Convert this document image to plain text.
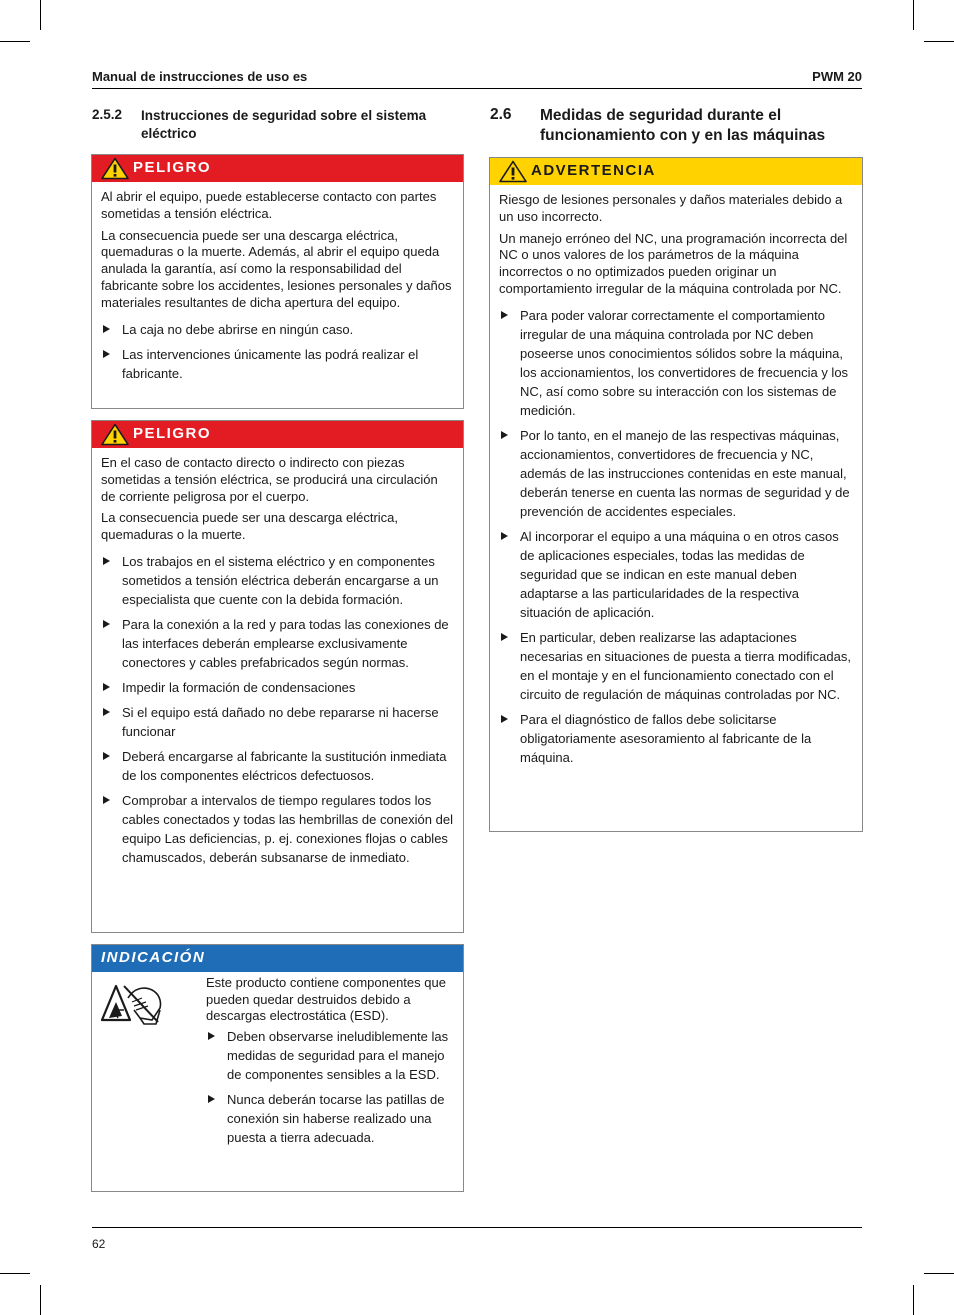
Manual de instrucciones de uso es	PWM 20
2.5.2 Instrucciones de seguridad sobre el sistema eléctrico
PELIGRO

Al abrir el equipo, puede establecerse contacto con partes sometidas a tensión eléctrica.

La consecuencia puede ser una descarga eléctrica, quemaduras o la muerte. Además, al abrir el equipo queda anulada la garantía, así como la responsabilidad del fabricante sobre los accidentes, lesiones personales y daños materiales resultantes de dicha apertura del equipo.

La caja no debe abrirse en ningún caso.
Las intervenciones únicamente las podrá realizar el fabricante.
PELIGRO

En el caso de contacto directo o indirecto con piezas sometidas a tensión eléctrica, se producirá una circulación de corriente peligrosa por el cuerpo.

La consecuencia puede ser una descarga eléctrica, quemaduras o la muerte.

Los trabajos en el sistema eléctrico y en componentes sometidos a tensión eléctrica deberán encargarse a un especialista que cuente con la debida formación.
Para la conexión a la red y para todas las conexiones de las interfaces deberán emplearse exclusivamente conectores y cables prefabricados según normas.
Impedir la formación de condensaciones
Si el equipo está dañado no debe repararse ni hacerse funcionar
Deberá encargarse al fabricante la sustitución inmediata de los componentes eléctricos defectuosos.
Comprobar a intervalos de tiempo regulares todos los cables conectados y todas las hembrillas de conexión del equipo Las deficiencias, p. ej. conexiones flojas o cables chamuscados, deberán subsanarse de inmediato.
INDICACIÓN

Este producto contiene componentes que pueden quedar destruidos debido a descargas electrostática (ESD).

Deben observarse ineludiblemente las medidas de seguridad para el manejo de componentes sensibles a la ESD.
Nunca deberán tocarse las patillas de conexión sin haberse realizado una puesta a tierra adecuada.
2.6 Medidas de seguridad durante el funcionamiento con y en las máquinas
ADVERTENCIA

Riesgo de lesiones personales y daños materiales debido a un uso incorrecto.

Un manejo erróneo del NC, una programación incorrecta del NC o unos valores de los parámetros de la máquina incorrectos o no optimizados pueden originar un comportamiento irregular de la máquina controlada por NC.

Para poder valorar correctamente el comportamiento irregular de una máquina controlada por NC deben poseerse unos conocimientos sólidos sobre la máquina, los accionamientos, los convertidores de frecuencia y los NC, así como sobre su interacción con los sistemas de medición.
Por lo tanto, en el manejo de las respectivas máquinas, accionamientos, convertidores de frecuencia y NC, además de las instrucciones contenidas en este manual, deberán tenerse en cuenta las normas de seguridad y de prevención de accidentes especiales.
Al incorporar el equipo a una máquina o en otros casos de aplicaciones especiales, todas las medidas de seguridad que se indican en este manual deben adaptarse a las particularidades de la respectiva situación de aplicación.
En particular, deben realizarse las adaptaciones necesarias en situaciones de puesta a tierra modificadas, en el montaje y en el funcionamiento conectado con el circuito de regulación de máquinas controladas por NC.
Para el diagnóstico de fallos debe solicitarse obligatoriamente asesoramiento al fabricante de la máquina.
62
